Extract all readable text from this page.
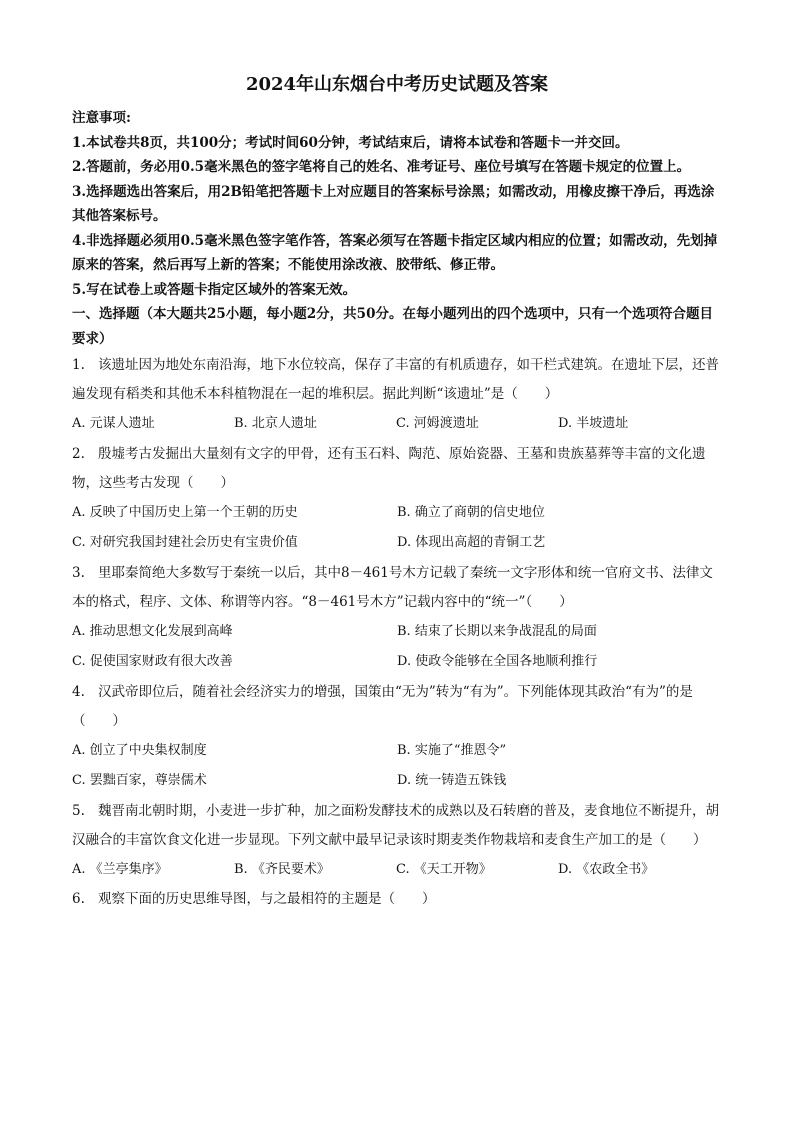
2024年山东烟台中考历史试题及答案
注意事项:
1.本试卷共8页，共100分；考试时间60分钟，考试结束后，请将本试卷和答题卡一并交回。
2.答题前，务必用0.5毫米黑色的签字笔将自己的姓名、准考证号、座位号填写在答题卡规定的位置上。
3.选择题选出答案后，用2B铅笔把答题卡上对应题目的答案标号涂黑；如需改动，用橡皮擦干净后，再选涂其他答案标号。
4.非选择题必须用0.5毫米黑色签字笔作答，答案必须写在答题卡指定区域内相应的位置；如需改动，先划掉原来的答案，然后再写上新的答案；不能使用涂改液、胶带纸、修正带。
5.写在试卷上或答题卡指定区域外的答案无效。
一、选择题（本大题共25小题，每小题2分，共50分。在每小题列出的四个选项中，只有一个选项符合题目要求）
1. 该遗址因为地处东南沿海，地下水位较高，保存了丰富的有机质遗存，如干栏式建筑。在遗址下层，还普遍发现有稻类和其他禾本科植物混在一起的堆积层。据此判断“该遗址”是（　　）
A. 元谋人遗址	B. 北京人遗址	C. 河姆渡遗址	D. 半坡遗址
2. 殷墟考古发掘出大量刻有文字的甲骨，还有玉石料、陶范、原始瓷器、王墓和贵族墓葬等丰富的文化遗物，这些考古发现（　　）
A. 反映了中国历史上第一个王朝的历史	B. 确立了商朝的信史地位
C. 对研究我国封建社会历史有宝贵价值	D. 体现出高超的青铜工艺
3. 里耶秦简绝大多数写于秦统一以后，其中8－461号木方记载了秦统一文字形体和统一官府文书、法律文本的格式，程序、文体、称谓等内容。“8－461号木方”记载内容中的“统一”（　　）
A. 推动思想文化发展到高峰	B. 结束了长期以来争战混乱的局面
C. 促使国家财政有很大改善	D. 使政令能够在全国各地顺利推行
4. 汉武帝即位后，随着社会经济实力的增强，国策由“无为”转为“有为”。下列能体现其政治“有为”的是（　　）
A. 创立了中央集权制度	B. 实施了“推恩令”
C. 罢黜百家，尊崇儒术	D. 统一铸造五铢钱
5. 魏晋南北朝时期，小麦进一步扩种，加之面粉发酵技术的成熟以及石转磨的普及，麦食地位不断提升，胡汉融合的丰富饮食文化进一步显现。下列文献中最早记录该时期麦类作物栽培和麦食生产加工的是（　　）
A. 《兰亭集序》	B. 《齐民要术》	C. 《天工开物》	D. 《农政全书》
6. 观察下面的历史思维导图，与之最相符的主题是（　　）
